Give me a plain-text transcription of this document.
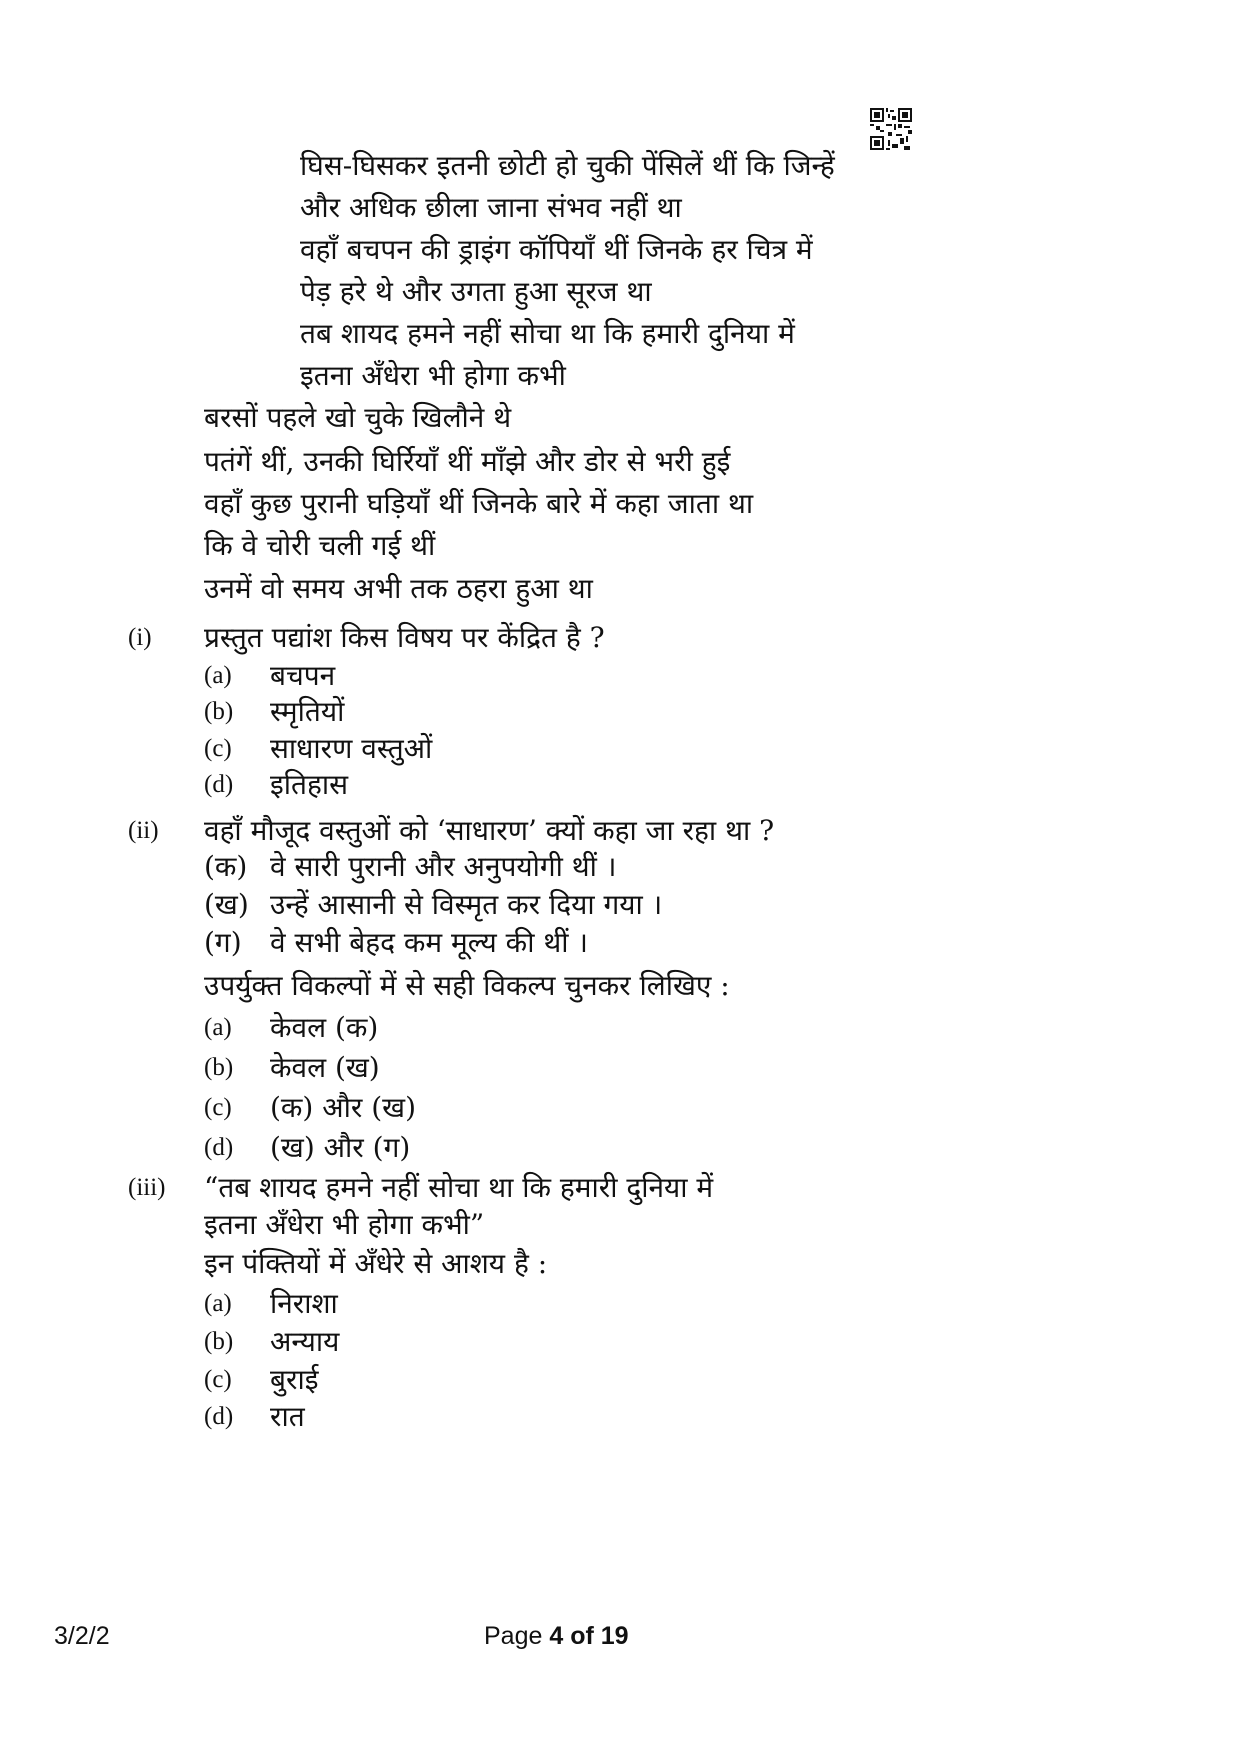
घिस-घिसकर इतनी छोटी हो चुकी पेंसिलें थीं कि जिन्हें
और अधिक छीला जाना संभव नहीं था
वहाँ बचपन की ड्राइंग कॉपियाँ थीं जिनके हर चित्र में
पेड़ हरे थे और उगता हुआ सूरज था
तब शायद हमने नहीं सोचा था कि हमारी दुनिया में
इतना अँधेरा भी होगा कभी
बरसों पहले खो चुके खिलौने थे
पतंगें थीं, उनकी घिर्रियाँ थीं माँझे और डोर से भरी हुई
वहाँ कुछ पुरानी घड़ियाँ थीं जिनके बारे में कहा जाता था
कि वे चोरी चली गई थीं
उनमें वो समय अभी तक ठहरा हुआ था
(i) प्रस्तुत पद्यांश किस विषय पर केंद्रित है ?
(a) बचपन
(b) स्मृतियों
(c) साधारण वस्तुओं
(d) इतिहास
(ii) वहाँ मौजूद वस्तुओं को ‘साधारण’ क्यों कहा जा रहा था ?
(क) वे सारी पुरानी और अनुपयोगी थीं ।
(ख) उन्हें आसानी से विस्मृत कर दिया गया ।
(ग) वे सभी बेहद कम मूल्य की थीं ।
उपर्युक्त विकल्पों में से सही विकल्प चुनकर लिखिए :
(a) केवल (क)
(b) केवल (ख)
(c) (क) और (ख)
(d) (ख) और (ग)
(iii) “तब शायद हमने नहीं सोचा था कि हमारी दुनिया में
इतना अँधेरा भी होगा कभी”
इन पंक्तियों में अँधेरे से आशय है :
(a) निराशा
(b) अन्याय
(c) बुराई
(d) रात
3/2/2	Page 4 of 19
